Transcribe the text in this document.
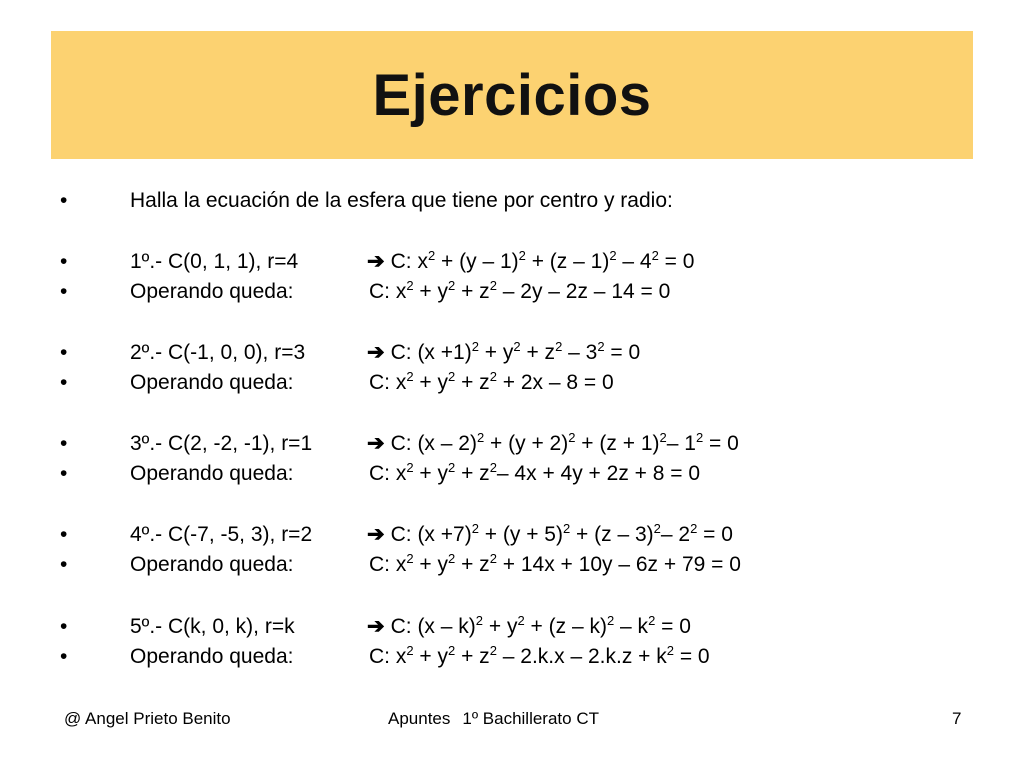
Ejercicios
•	Halla la ecuación de la esfera que tiene por centro y radio:
•	1º.- C(0, 1, 1), r=4	➔ C: $x^2 + (y - 1)^2 + (z - 1)^2 - 4^2 = 0$
•	Operando queda:	C: $x^2 + y^2 + z^2 - 2y - 2z - 14 = 0$
•	2º.- C(-1, 0, 0), r=3	➔ C: $(x +1)^2 + y^2 + z^2 - 3^2 = 0$
•	Operando queda:	C: $x^2 + y^2 + z^2 + 2x - 8 = 0$
•	3º.- C(2, -2, -1), r=1	➔ C: $(x - 2)^2 + (y + 2)^2 + (z + 1)^2-$ $1^2 = 0$
•	Operando queda:	C: $x^2 + y^2 + z^2-$ 4x + 4y + 2z + 8 = 0
•	4º.- C(-7, -5, 3), r=2	➔ C: $(x +7)^2 + (y + 5)^2 + (z - 3)^2-$ $2^2 = 0$
•	Operando queda:	C: $x^2 + y^2 + z^2 + 14x + 10y - 6z + 79 = 0$
•	5º.- C(k, 0, k), r=k	➔ C: $(x - k)^2 + y^2 + (z - k)^2 - k^2 = 0$
•	Operando queda:	C: $x^2 + y^2 + z^2 - 2.k.x - 2.k.z + k^2 = 0$
@ Angel Prieto Benito	Apuntes 1º Bachillerato CT	7
